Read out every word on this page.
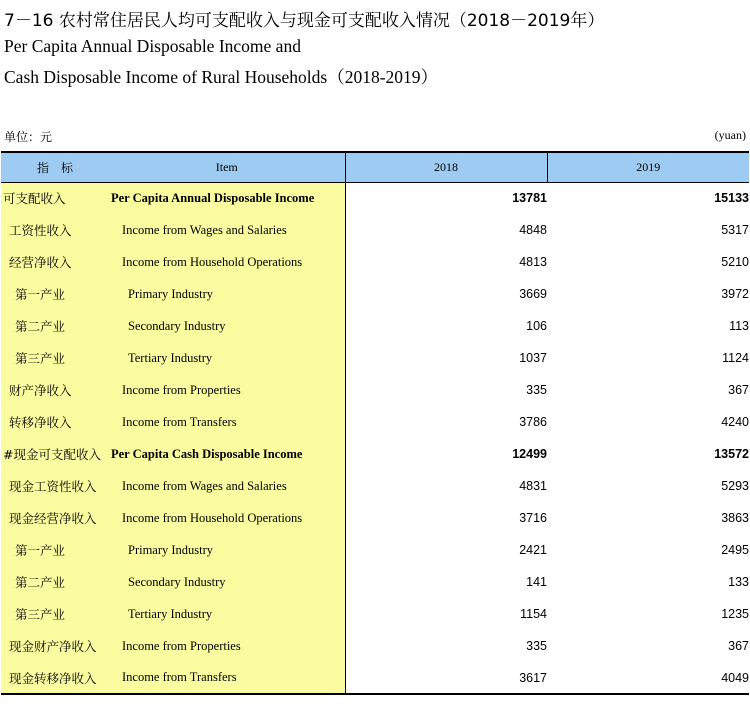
7－16 农村常住居民人均可支配收入与现金可支配收入情况（2018－2019年）
Per Capita Annual Disposable Income and
Cash Disposable Income of Rural Households（2018-2019）
单位：元	(yuan)
指　标	Item	2018	2019
可支配收入	Per Capita Annual Disposable Income	13781	15133
工资性收入	Income from Wages and Salaries	4848	5317
经营净收入	Income from Household Operations	4813	5210
第一产业	Primary Industry	3669	3972
第二产业	Secondary Industry	106	113
第三产业	Tertiary Industry	1037	1124
财产净收入	Income from Properties	335	367
转移净收入	Income from Transfers	3786	4240
#现金可支配收入	Per Capita Cash Disposable Income	12499	13572
现金工资性收入	Income from Wages and Salaries	4831	5293
现金经营净收入	Income from Household Operations	3716	3863
第一产业	Primary Industry	2421	2495
第二产业	Secondary Industry	141	133
第三产业	Tertiary Industry	1154	1235
现金财产净收入	Income from Properties	335	367
现金转移净收入	Income from Transfers	3617	4049
